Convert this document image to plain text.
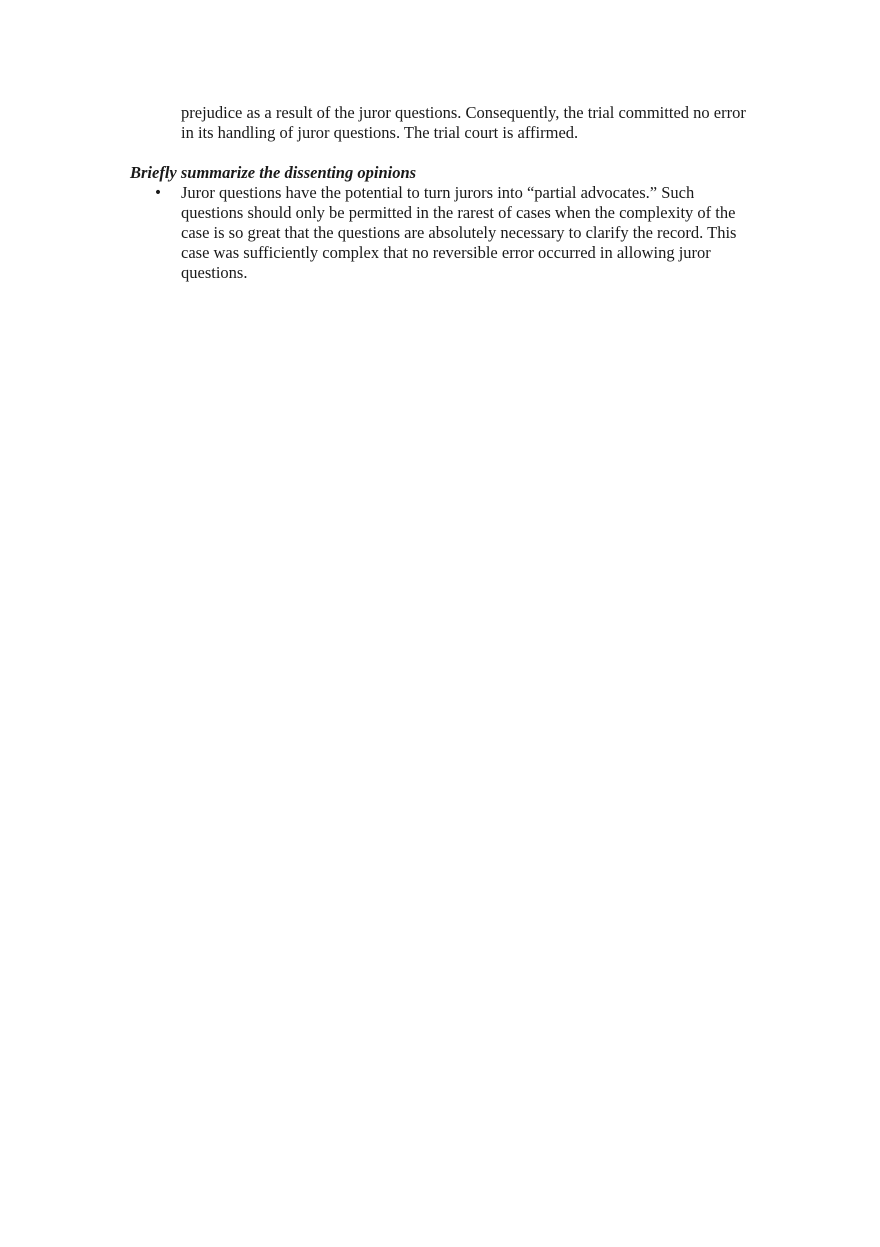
prejudice as a result of the juror questions. Consequently, the trial committed no error in its handling of juror questions. The trial court is affirmed.

Briefly summarize the dissenting opinions
• Juror questions have the potential to turn jurors into “partial advocates.” Such questions should only be permitted in the rarest of cases when the complexity of the case is so great that the questions are absolutely necessary to clarify the record. This case was sufficiently complex that no reversible error occurred in allowing juror questions.
